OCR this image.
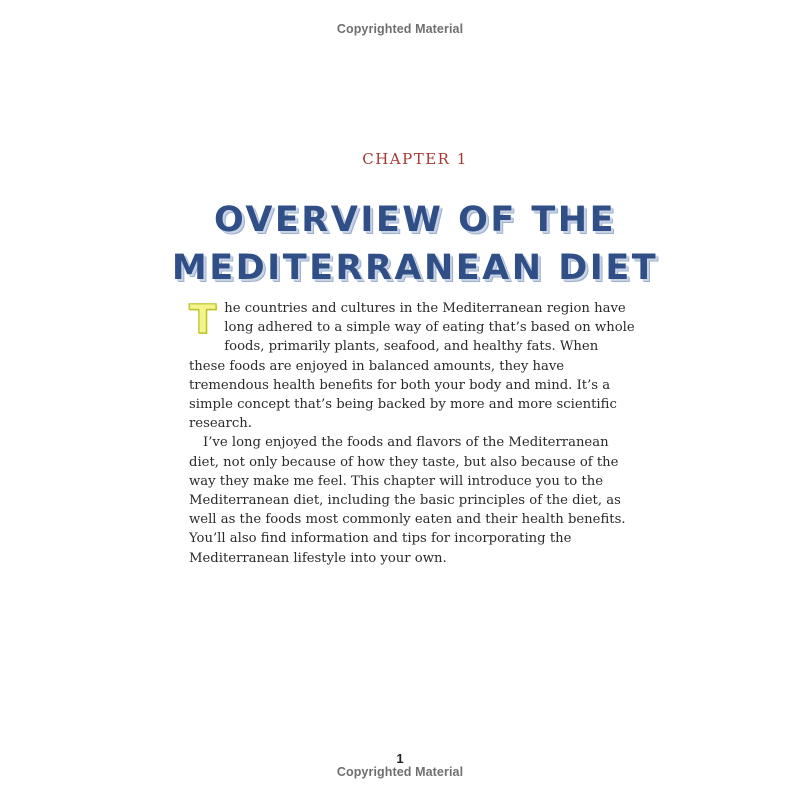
Copyrighted Material
CHAPTER 1
OVERVIEW OF THE
MEDITERRANEAN DIET

The countries and cultures in the Mediterranean region have long adhered to a simple way of eating that’s based on whole foods, primarily plants, seafood, and healthy fats. When these foods are enjoyed in balanced amounts, they have tremendous health benefits for both your body and mind. It’s a simple concept that’s being backed by more and more scientific research.

I’ve long enjoyed the foods and flavors of the Mediterranean diet, not only because of how they taste, but also because of the way they make me feel. This chapter will introduce you to the Mediterranean diet, including the basic principles of the diet, as well as the foods most commonly eaten and their health benefits. You’ll also find information and tips for incorporating the Mediterranean lifestyle into your own.

1
Copyrighted Material
